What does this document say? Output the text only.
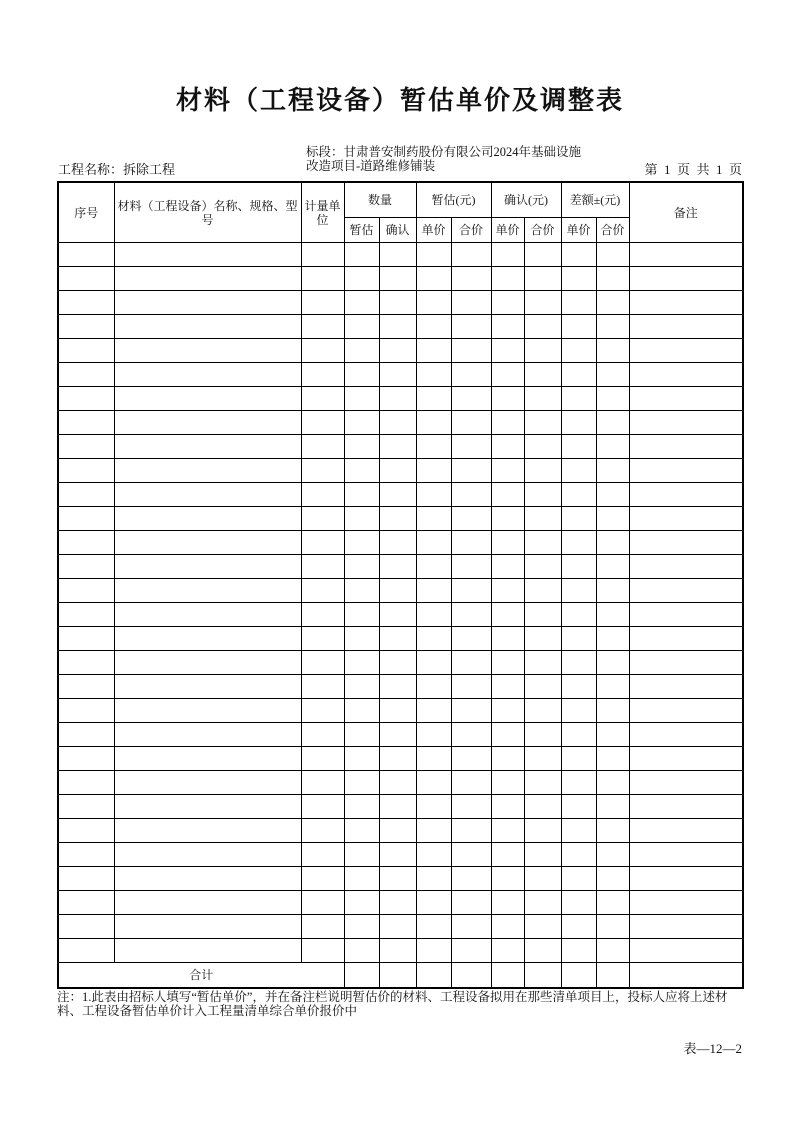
材料（工程设备）暂估单价及调整表
工程名称：拆除工程
标段：甘肃普安制药股份有限公司2024年基础设施改造项目-道路维修铺装	第  1  页  共  1  页
序号	材料（工程设备）名称、规格、型号	计量单位	数量		暂估(元)		确认(元)		差额±(元)		备注
			暂估	确认	单价	合价	单价	合价	单价	合价	

合计											
注：1.此表由招标人填写“暂估单价”，并在备注栏说明暂估价的材料、工程设备拟用在那些清单项目上，投标人应将上述材料、工程设备暂估单价计入工程量清单综合单价报价中
表—12—2
